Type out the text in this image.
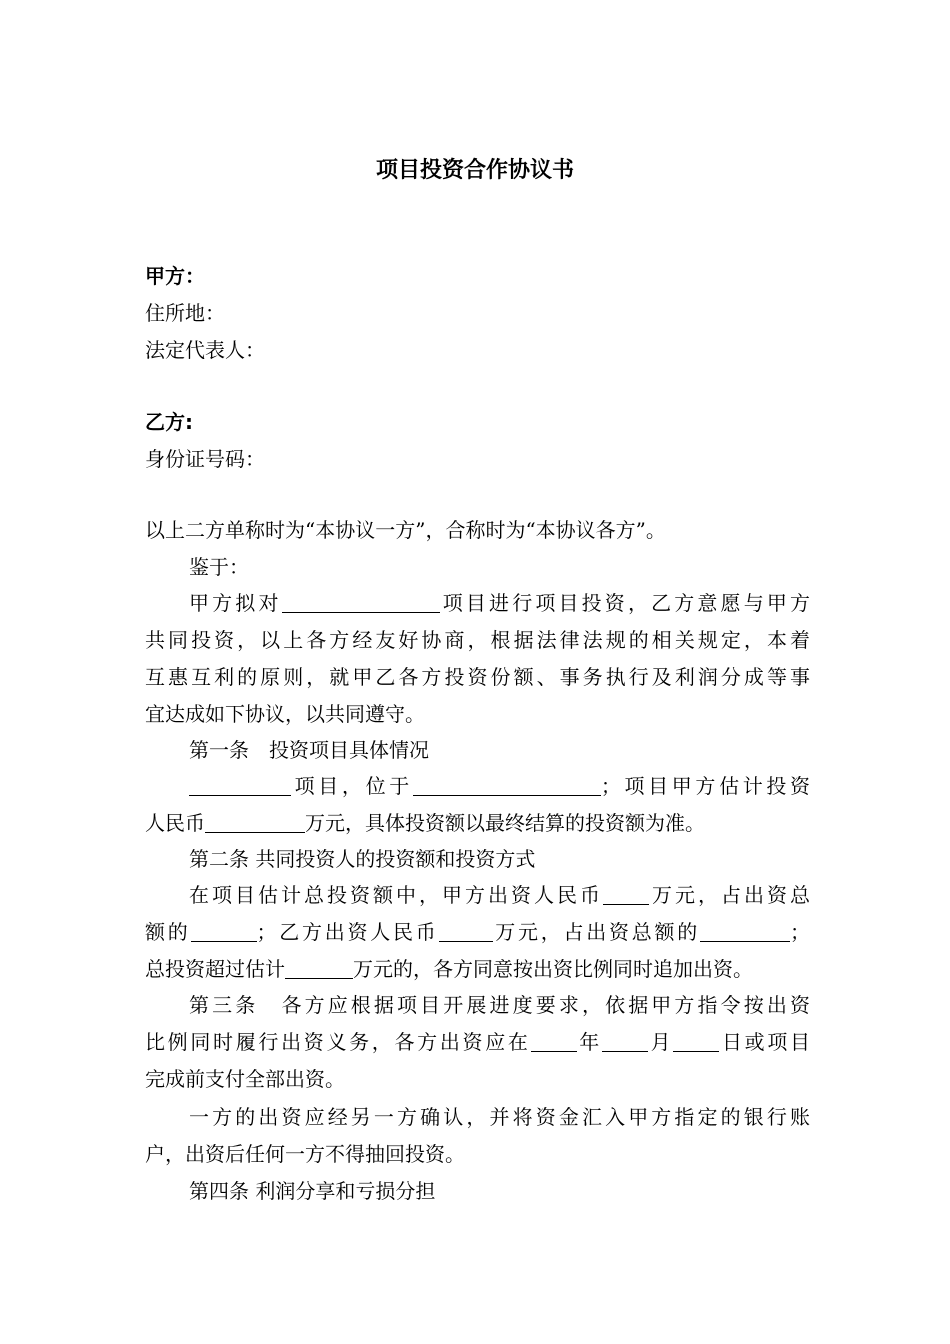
项目投资合作协议书
甲方：
住所地：
法定代表人：
乙方:
身份证号码：
以上二方单称时为“本协议一方”，合称时为“本协议各方”。
鉴于：
甲方拟对	项目进行项目投资，乙方意愿与甲方
共同投资，以上各方经友好协商，根据法律法规的相关规定，本着
互惠互利的原则，就甲乙各方投资份额、事务执行及利润分成等事
宜达成如下协议，以共同遵守。
第一条　投资项目具体情况
项目，位于	；项目甲方估计投资
人民币	万元，具体投资额以最终结算的投资额为准。
第二条 共同投资人的投资额和投资方式
在项目估计总投资额中，甲方出资人民币 万元，占出资总
额的	；乙方出资人民币	万元，占出资总额的	；
总投资超过估计	万元的，各方同意按出资比例同时追加出资。
第三条　各方应根据项目开展进度要求，依据甲方指令按出资
比例同时履行出资义务，各方出资应在 年 月 日或项目
完成前支付全部出资。
一方的出资应经另一方确认，并将资金汇入甲方指定的银行账
户，出资后任何一方不得抽回投资。
第四条 利润分享和亏损分担
